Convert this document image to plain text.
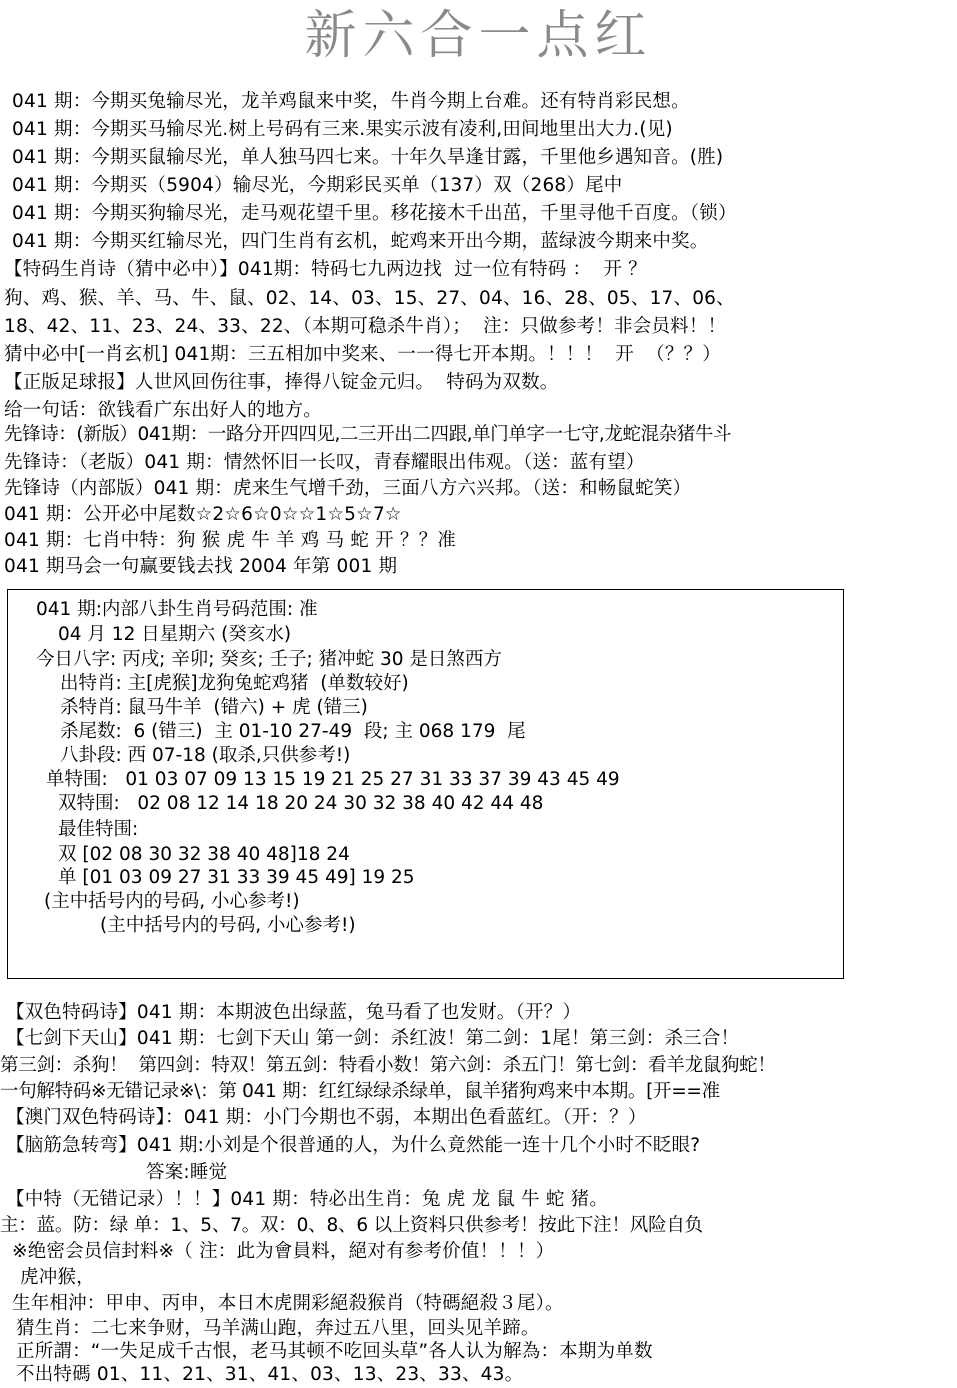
新六合一点红
041 期：今期买兔输尽光，龙羊鸡鼠来中奖，牛肖今期上台难。还有特肖彩民想。
041 期：今期买马输尽光.树上号码有三来.果实示波有凌利,田间地里出大力.(见)
041 期：今期买鼠输尽光，单人独马四七来。十年久旱逢甘露，千里他乡遇知音。(胜)
041 期：今期买（5904）输尽光，今期彩民买单（137）双（268）尾中
041 期：今期买狗输尽光，走马观花望千里。移花接木千出茁，千里寻他千百度。（锁）
041 期：今期买红输尽光，四门生肖有玄机，蛇鸡来开出今期，蓝绿波今期来中奖。
【特码生肖诗（猜中必中）】041期：特码七九两边找  过一位有特码 ：  开 ？
狗、鸡、猴、羊、马、牛、鼠、02、14、03、15、27、04、16、28、05、17、06、
18、42、11、23、24、33、22、（本期可稳杀牛肖）；  注：只做参考！非会员料！！
猜中必中[一肖玄机] 041期：三五相加中奖来、一一得七开本期。！！！  开  （？？）
【正版足球报】人世风回伤往事，捧得八锭金元归。  特码为双数。
给一句话：欲钱看广东出好人的地方。
先锋诗：(新版）041期：一路分开四四见,二三开出二四跟,单门单字一七守,龙蛇混杂猪牛斗
先锋诗：（老版）041 期：情然怀旧一长叹，青春耀眼出伟观。（送：蓝有望）
先锋诗（内部版）041 期：虎来生气增千劲，三面八方六兴邦。（送：和畅鼠蛇笑）
041 期：公开必中尾数☆2☆6☆0☆☆1☆5☆7☆
041 期：七肖中特：狗 猴 虎 牛 羊 鸡 马 蛇 开 ？？准
041 期马会一句赢要钱去找 2004 年第 001 期
041 期:内部八卦生肖号码范围: 准
04 月 12 日星期六 (癸亥水)
今日八字: 丙戌; 辛卯; 癸亥; 壬子; 猪冲蛇 30 是日煞西方
出特肖: 主[虎猴]龙狗兔蛇鸡猪  (单数较好)
杀特肖: 鼠马牛羊  (错六) + 虎 (错三)
杀尾数:  6 (错三)  主 01-10 27-49  段; 主 068 179  尾
八卦段: 西 07-18 (取杀,只供参考!)
单特围:   01 03 07 09 13 15 19 21 25 27 31 33 37 39 43 45 49
双特围:   02 08 12 14 18 20 24 30 32 38 40 42 44 48
最佳特围:
双 [02 08 30 32 38 40 48]18 24
单 [01 03 09 27 31 33 39 45 49] 19 25
(主中括号内的号码, 小心参考!)
(主中括号内的号码, 小心参考!)
【双色特码诗】041 期：本期波色出绿蓝，兔马看了也发财。（开？）
【七剑下天山】041 期：七剑下天山 第一剑：杀红波！第二剑：1尾！第三剑：杀三合！
第三剑：杀狗！  第四剑：特双！第五剑：特看小数！第六剑：杀五门！第七剑：看羊龙鼠狗蛇！
一句解特码※无错记录※\：第 041 期：红红绿绿杀绿单，鼠羊猪狗鸡来中本期。[开==准
【澳门双色特码诗】：041 期：小门今期也不弱，本期出色看蓝红。（开：？）
【脑筋急转弯】041 期:小刘是个很普通的人，为什么竟然能一连十几个小时不眨眼?
答案:睡觉
【中特（无错记录）！！】041 期：特必出生肖：兔 虎 龙 鼠 牛 蛇 猪。
主：蓝。防：绿 单：1、5、7。双：0、8、6 以上资料只供参考！按此下注！风险自负
※绝密会员信封料※（ 注：此为會員料，絕对有参考价值！！！）
虎冲猴，
生年相沖：甲申、丙申，本日木虎開彩絕殺猴肖（特碼絕殺３尾）。
猜生肖：二七来争财，马羊满山跑，奔过五八里，回头见羊蹄。
正所謂：“一失足成千古恨，老马其顿不吃回头草”各人认为解為：本期为单数
不出特碼 01、11、21、31、41、03、13、23、33、43。
